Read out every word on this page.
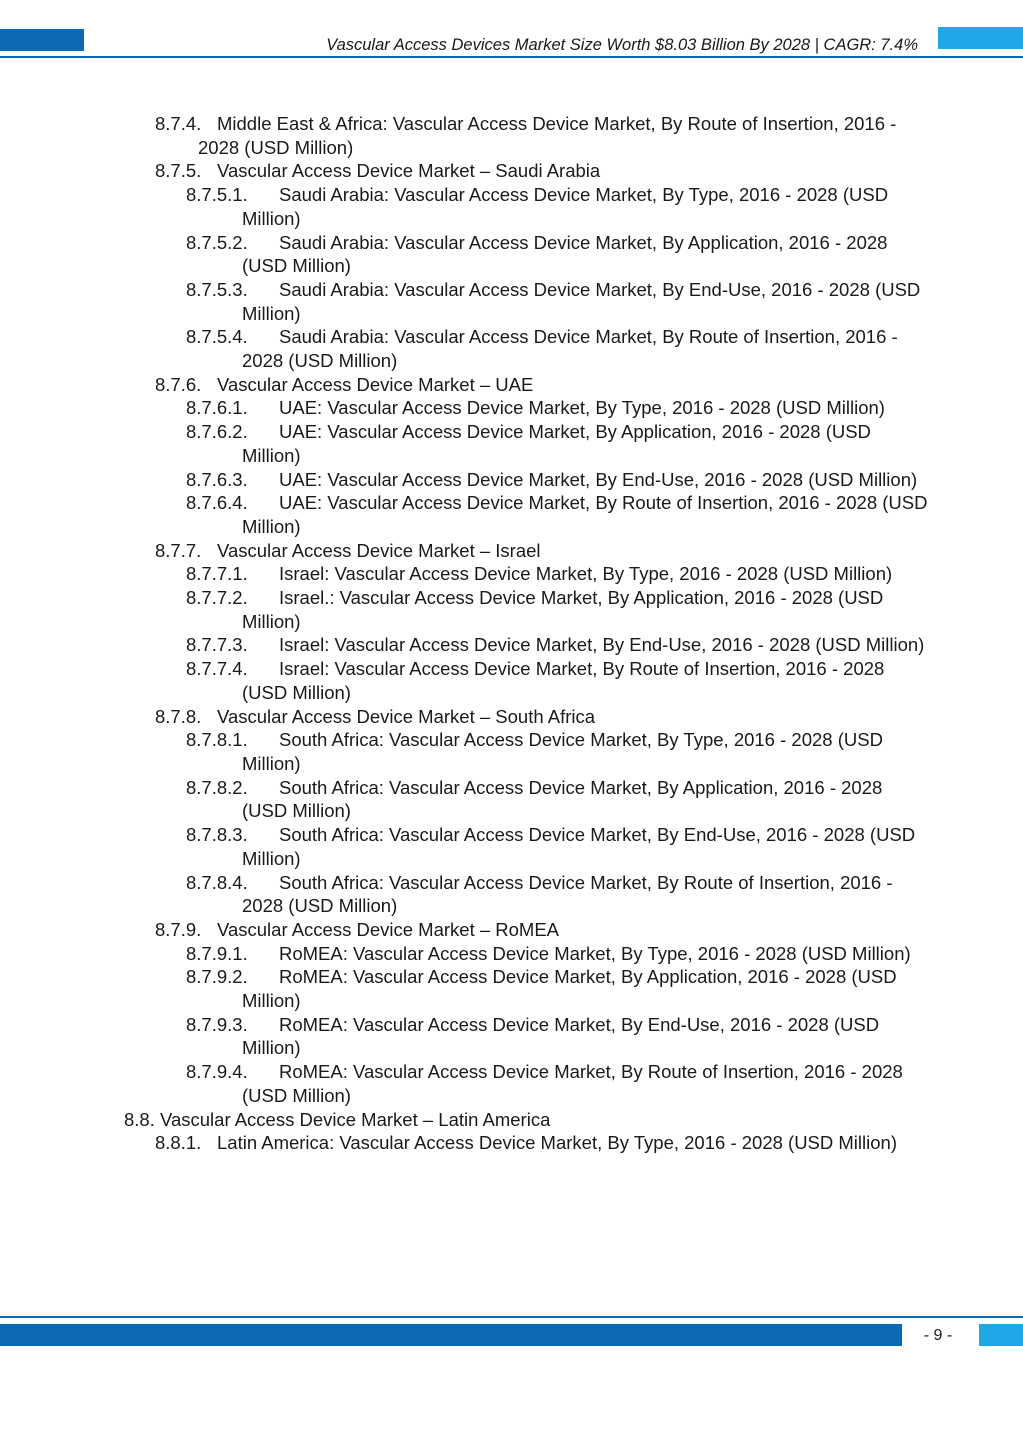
Vascular Access Devices Market Size Worth $8.03 Billion By 2028 | CAGR: 7.4%
8.7.4. Middle East & Africa: Vascular Access Device Market, By Route of Insertion, 2016 - 2028 (USD Million)
8.7.5. Vascular Access Device Market – Saudi Arabia
8.7.5.1.	Saudi Arabia: Vascular Access Device Market, By Type, 2016 - 2028 (USD Million)
8.7.5.2.	Saudi Arabia: Vascular Access Device Market, By Application, 2016 - 2028 (USD Million)
8.7.5.3.	Saudi Arabia: Vascular Access Device Market, By End-Use, 2016 - 2028 (USD Million)
8.7.5.4.	Saudi Arabia: Vascular Access Device Market, By Route of Insertion, 2016 - 2028 (USD Million)
8.7.6. Vascular Access Device Market – UAE
8.7.6.1.	UAE: Vascular Access Device Market, By Type, 2016 - 2028 (USD Million)
8.7.6.2.	UAE: Vascular Access Device Market, By Application, 2016 - 2028 (USD Million)
8.7.6.3.	UAE: Vascular Access Device Market, By End-Use, 2016 - 2028 (USD Million)
8.7.6.4.	UAE: Vascular Access Device Market, By Route of Insertion, 2016 - 2028 (USD Million)
8.7.7. Vascular Access Device Market – Israel
8.7.7.1.	Israel: Vascular Access Device Market, By Type, 2016 - 2028 (USD Million)
8.7.7.2.	Israel.: Vascular Access Device Market, By Application, 2016 - 2028 (USD Million)
8.7.7.3.	Israel: Vascular Access Device Market, By End-Use, 2016 - 2028 (USD Million)
8.7.7.4.	Israel: Vascular Access Device Market, By Route of Insertion, 2016 - 2028 (USD Million)
8.7.8. Vascular Access Device Market – South Africa
8.7.8.1.	South Africa: Vascular Access Device Market, By Type, 2016 - 2028 (USD Million)
8.7.8.2.	South Africa: Vascular Access Device Market, By Application, 2016 - 2028 (USD Million)
8.7.8.3.	South Africa: Vascular Access Device Market, By End-Use, 2016 - 2028 (USD Million)
8.7.8.4.	South Africa: Vascular Access Device Market, By Route of Insertion, 2016 - 2028 (USD Million)
8.7.9. Vascular Access Device Market – RoMEA
8.7.9.1.	RoMEA: Vascular Access Device Market, By Type, 2016 - 2028 (USD Million)
8.7.9.2.	RoMEA: Vascular Access Device Market, By Application, 2016 - 2028 (USD Million)
8.7.9.3.	RoMEA: Vascular Access Device Market, By End-Use, 2016 - 2028 (USD Million)
8.7.9.4.	RoMEA: Vascular Access Device Market, By Route of Insertion, 2016 - 2028 (USD Million)
8.8. Vascular Access Device Market – Latin America
8.8.1. Latin America: Vascular Access Device Market, By Type, 2016 - 2028 (USD Million)
- 9 -
